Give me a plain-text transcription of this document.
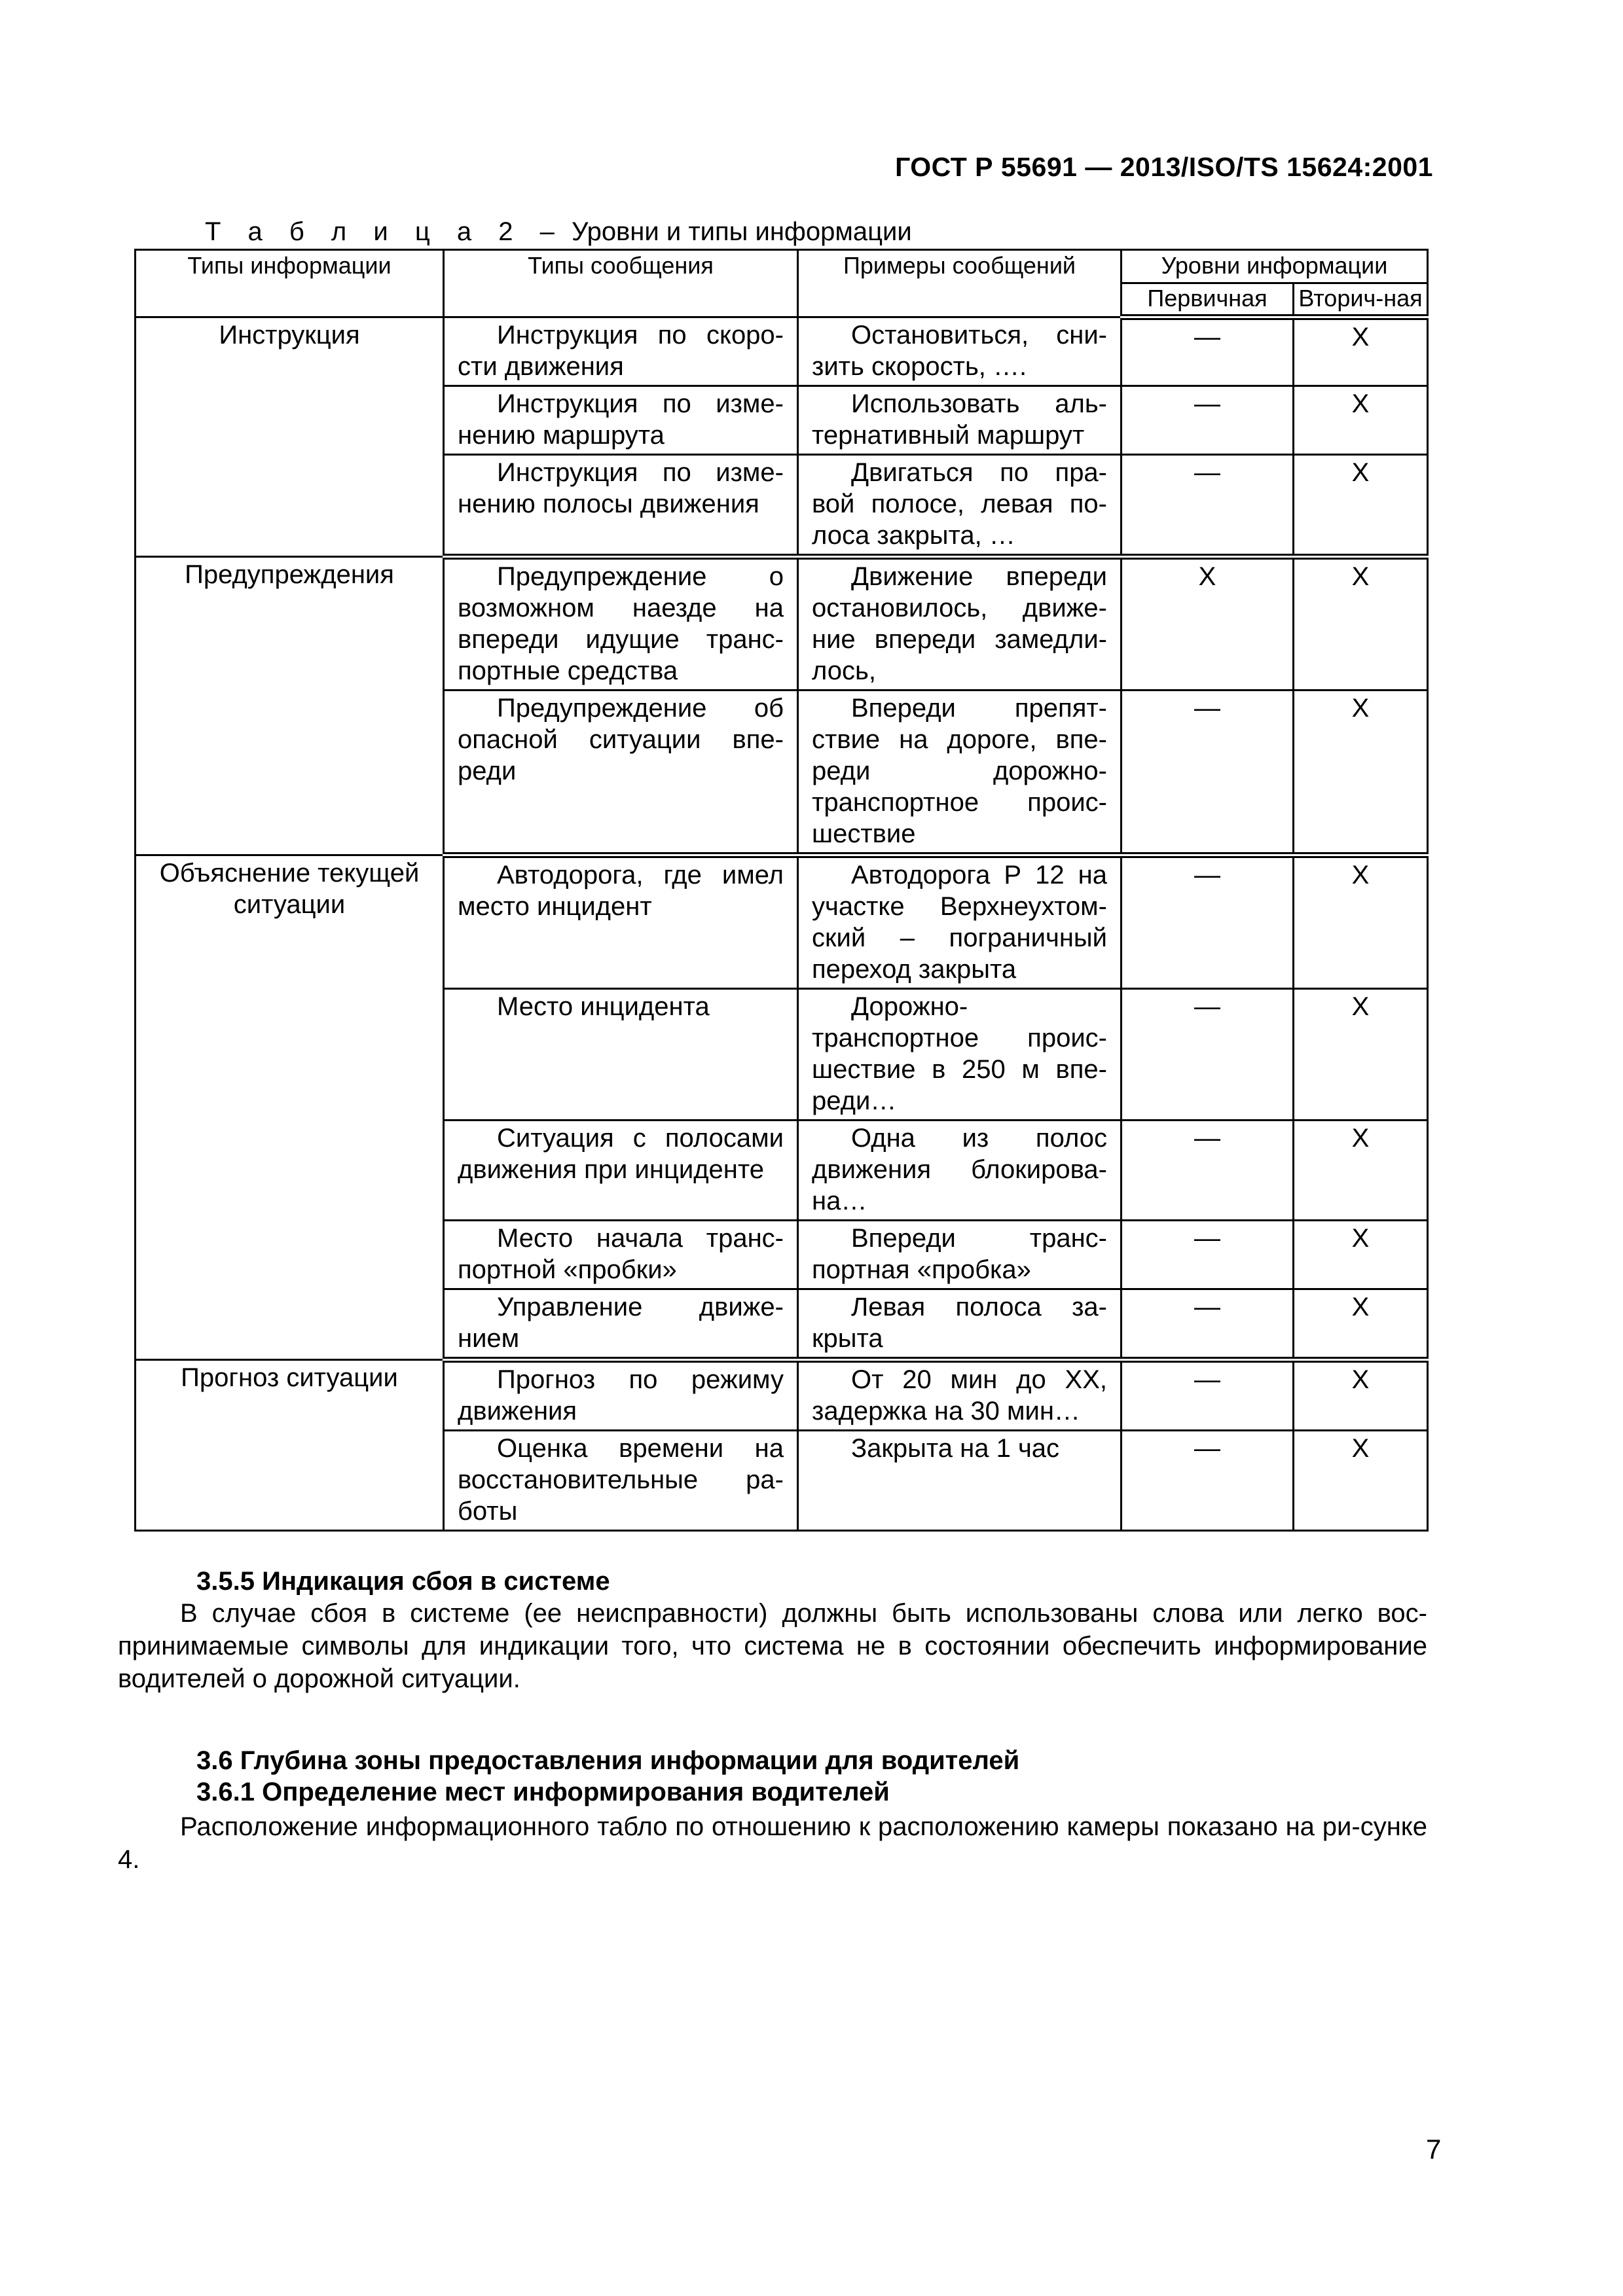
ГОСТ Р 55691 — 2013/ISO/TS 15624:2001
Т а б л и ц а 2 – Уровни и типы информации
Типы информации	Типы сообщения	Примеры сообщений	Уровни информации	
			Первичная	Вторич-ная
Инструкция	Инструкция по скоро-сти движения	Остановиться, сни-зить скорость, ….	—	X
	Инструкция по изме-нению маршрута	Использовать аль-тернативный маршрут	—	X
	Инструкция по изме-нению полосы движения	Двигаться по пра-вой полосе, левая по-лоса закрыта, …	—	X
Предупреждения	Предупреждение о возможном наезде на впереди идущие транс-портные средства	Движение впереди остановилось, движе-ние впереди замедли-лось,	X	X
	Предупреждение об опасной ситуации впе-реди	Впереди препят-ствие на дороге, впе-реди дорожно-транспортное проис-шествие	—	X
Объяснение текущей ситуации	Автодорога, где имел место инцидент	Автодорога Р 12 на участке Верхнеухтом-ский – пограничный переход закрыта	—	X
	Место инцидента	Дорожно-транспортное проис-шествие в 250 м впе-реди…	—	X
	Ситуация с полосами движения при инциденте	Одна из полос движения блокирова-на…	—	X
	Место начала транс-портной «пробки»	Впереди транс-портная «пробка»	—	X
	Управление движе-нием	Левая полоса за-крыта	—	X
Прогноз ситуации	Прогноз по режиму движения	От 20 мин до ХХ, задержка на 30 мин…	—	X
	Оценка времени на восстановительные ра-боты	Закрыта на 1 час	—	X
3.5.5 Индикация сбоя в системе
В случае сбоя в системе (ее неисправности) должны быть использованы слова или легко вос-принимаемые символы для индикации того, что система не в состоянии обеспечить информирование водителей о дорожной ситуации.
3.6 Глубина зоны предоставления информации для водителей
3.6.1 Определение мест информирования водителей
Расположение информационного табло по отношению к расположению камеры показано на ри-сунке 4.
7
